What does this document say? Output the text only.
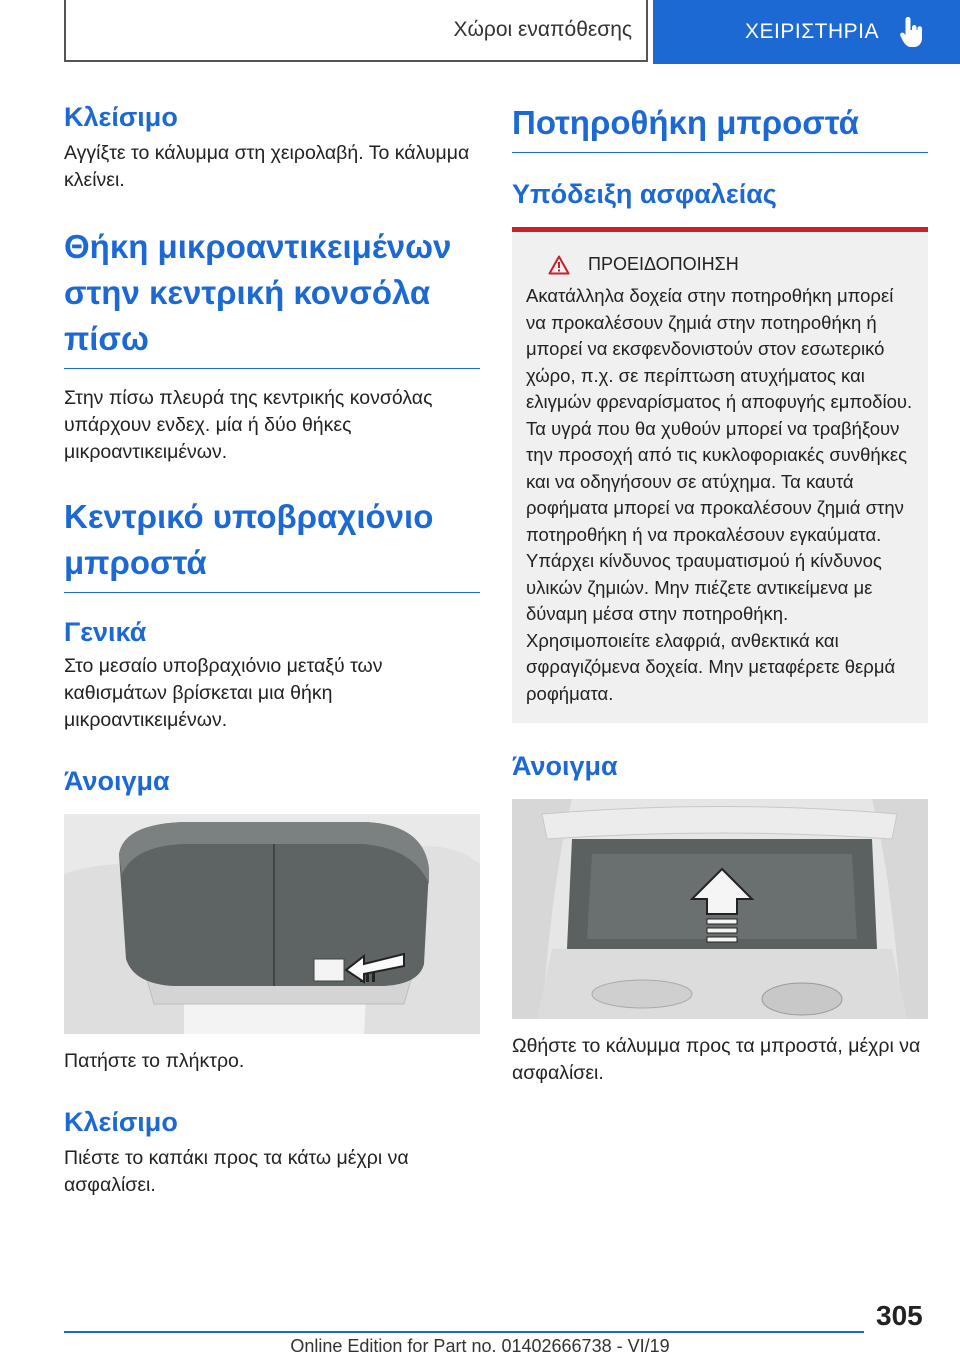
Χώροι εναπόθεσης	ΧΕΙΡΙΣΤΗΡΙΑ
Κλείσιμο

Αγγίξτε το κάλυμμα στη χειρολαβή. Το κάλυμμα κλείνει.

Θήκη μικροαντικειμένων στην κεντρική κονσόλα πίσω

Στην πίσω πλευρά της κεντρικής κονσόλας υπάρχουν ενδεχ. μία ή δύο θήκες μικροαντικειμένων.

Κεντρικό υποβραχιόνιο μπροστά
Γενικά

Στο μεσαίο υποβραχιόνιο μεταξύ των καθισμάτων βρίσκεται μια θήκη μικροαντικειμένων.

Άνοιγμα

Πατήστε το πλήκτρο.

Κλείσιμο

Πιέστε το καπάκι προς τα κάτω μέχρι να ασφαλίσει.

Ποτηροθήκη μπροστά
Υπόδειξη ασφαλείας
ΠΡΟΕΙΔΟΠΟΙΗΣΗ

Ακατάλληλα δοχεία στην ποτηροθήκη μπορεί να προκαλέσουν ζημιά στην ποτηροθήκη ή μπορεί να εκσφενδονιστούν στον εσωτερικό χώρο, π.χ. σε περίπτωση ατυχήματος και ελιγμών φρεναρίσματος ή αποφυγής εμποδίου. Τα υγρά που θα χυθούν μπορεί να τραβήξουν την προσοχή από τις κυκλοφοριακές συνθήκες και να οδηγήσουν σε ατύχημα. Τα καυτά ροφήματα μπορεί να προκαλέσουν ζημιά στην ποτηροθήκη ή να προκαλέσουν εγκαύματα. Υπάρχει κίνδυνος τραυματισμού ή κίνδυνος υλικών ζημιών. Μην πιέζετε αντικείμενα με δύναμη μέσα στην ποτηροθήκη. Χρησιμοποιείτε ελαφριά, ανθεκτικά και σφραγιζόμενα δοχεία. Μην μεταφέρετε θερμά ροφήματα.

Άνοιγμα

Ωθήστε το κάλυμμα προς τα μπροστά, μέχρι να ασφαλίσει.

305
Online Edition for Part no. 01402666738 - VI/19
